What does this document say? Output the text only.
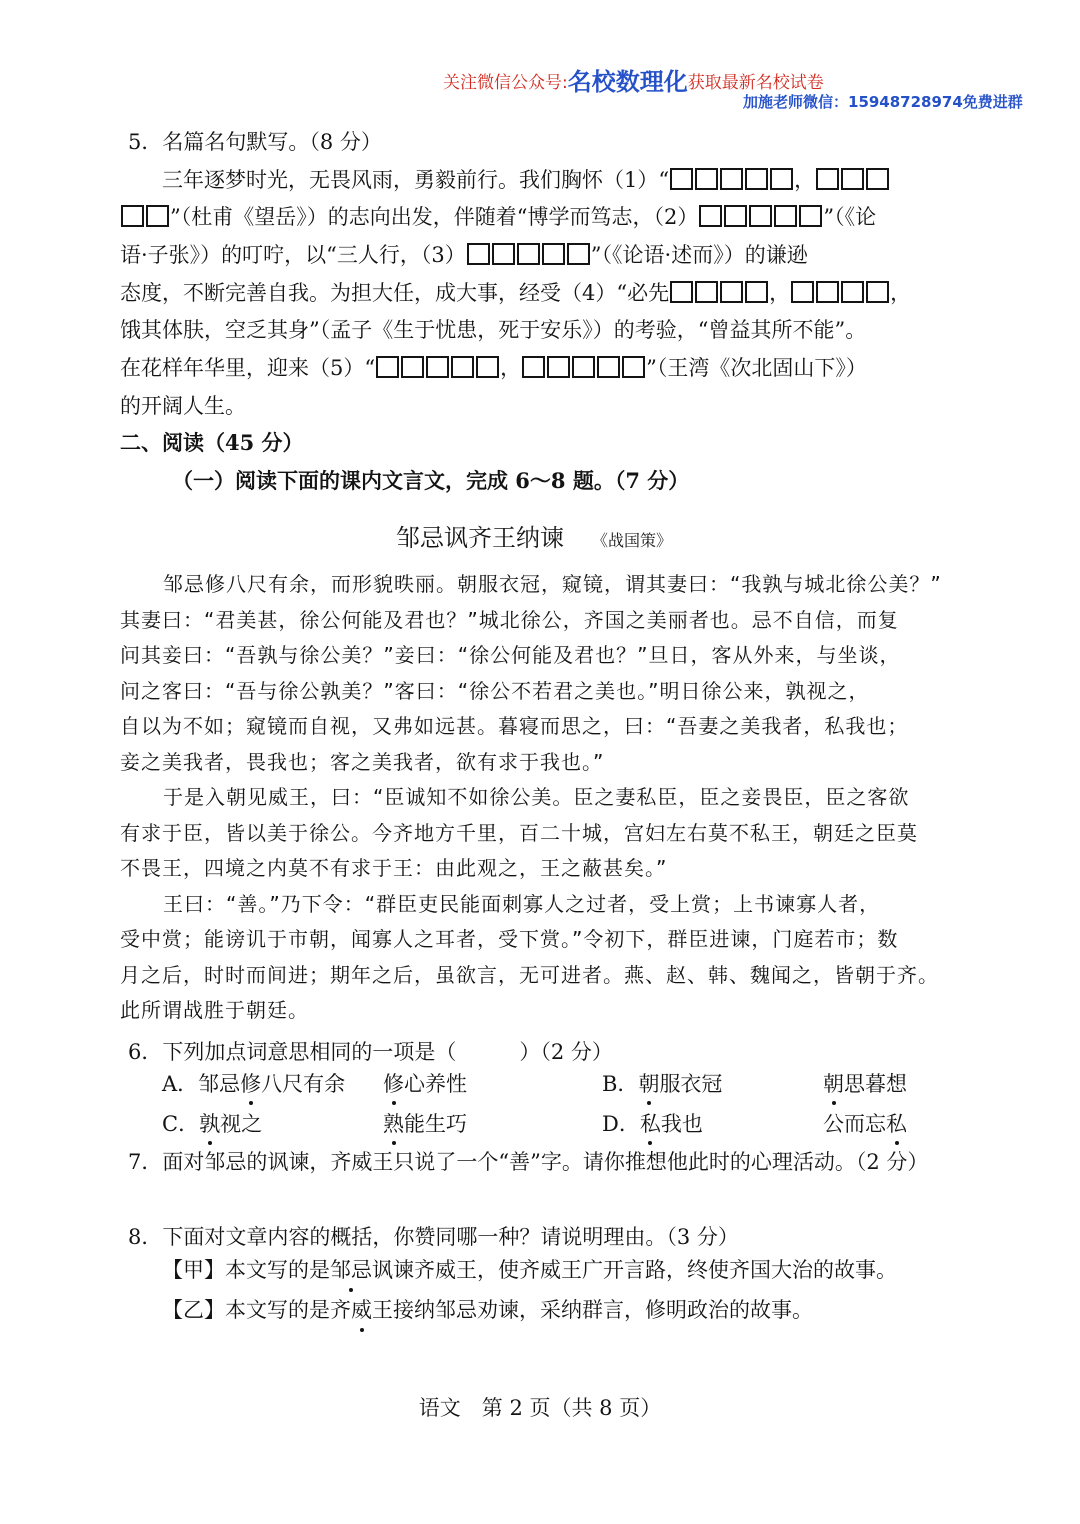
关注微信公众号:名校数理化获取最新名校试卷
加施老师微信：15948728974免费进群
5．名篇名句默写。（8 分）
三年逐梦时光，无畏风雨，勇毅前行。我们胸怀（1）“	，
”（杜甫《望岳》）的志向出发，伴随着“博学而笃志，（2）	”（《论
语·子张》）的叮咛，以“三人行，（3）	”（《论语·述而》）的谦逊
态度，不断完善自我。为担大任，成大事，经受（4）“必先	，	，
饿其体肤，空乏其身”（孟子《生于忧患，死于安乐》）的考验，“曾益其所不能”。
在花样年华里，迎来（5）“	，	”（王湾《次北固山下》）
的开阔人生。
二、阅读（45 分）
（一）阅读下面的课内文言文，完成 6～8 题。（7 分）
邹忌讽齐王纳谏 《战国策》
邹忌修八尺有余，而形貌昳丽。朝服衣冠，窥镜，谓其妻曰：“我孰与城北徐公美？”
其妻曰：“君美甚，徐公何能及君也？”城北徐公，齐国之美丽者也。忌不自信，而复
问其妾曰：“吾孰与徐公美？”妾曰：“徐公何能及君也？”旦日，客从外来，与坐谈，
问之客曰：“吾与徐公孰美？”客曰：“徐公不若君之美也。”明日徐公来，孰视之，
自以为不如；窥镜而自视，又弗如远甚。暮寝而思之，曰：“吾妻之美我者，私我也；
妾之美我者，畏我也；客之美我者，欲有求于我也。”
于是入朝见威王，曰：“臣诚知不如徐公美。臣之妻私臣，臣之妾畏臣，臣之客欲
有求于臣，皆以美于徐公。今齐地方千里，百二十城，宫妇左右莫不私王，朝廷之臣莫
不畏王，四境之内莫不有求于王：由此观之，王之蔽甚矣。”
王曰：“善。”乃下令：“群臣吏民能面刺寡人之过者，受上赏；上书谏寡人者，
受中赏；能谤讥于市朝，闻寡人之耳者，受下赏。”令初下，群臣进谏，门庭若市；数
月之后，时时而间进；期年之后，虽欲言，无可进者。燕、赵、韩、魏闻之，皆朝于齐。
此所谓战胜于朝廷。
6．下列加点词意思相同的一项是（　　　）（2 分）
A．邹忌修八尺有余 修心养性	B．朝服衣冠	朝思暮想
C．孰视之	熟能生巧	D．私我也	公而忘私
7．面对邹忌的讽谏，齐威王只说了一个“善”字。请你推想他此时的心理活动。（2 分）
8．下面对文章内容的概括，你赞同哪一种？请说明理由。（3 分）
【甲】本文写的是邹忌讽谏齐威王，使齐威王广开言路，终使齐国大治的故事。
【乙】本文写的是齐威王接纳邹忌劝谏，采纳群言，修明政治的故事。
语文　第 2 页（共 8 页）
